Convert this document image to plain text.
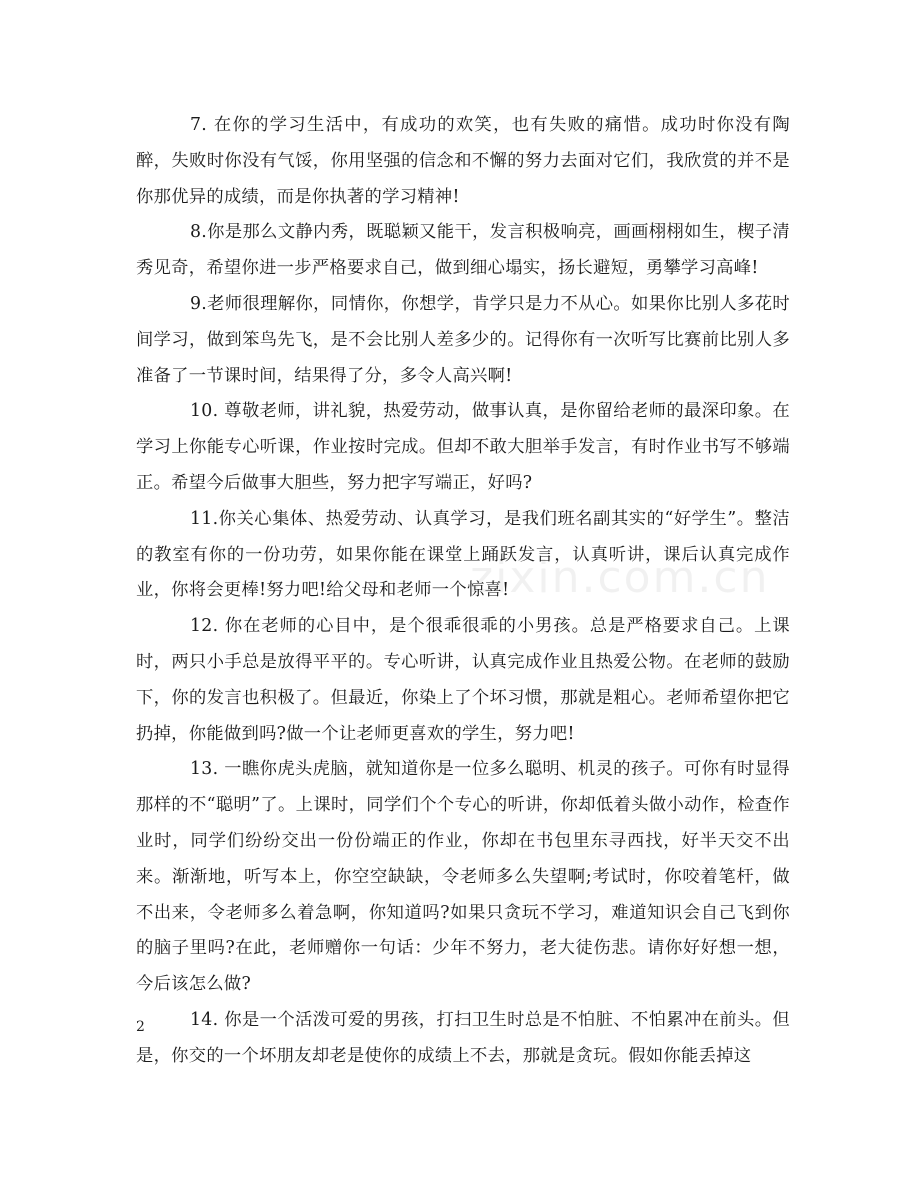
7. 在你的学习生活中，有成功的欢笑，也有失败的痛惜。成功时你没有陶醉，失败时你没有气馁，你用坚强的信念和不懈的努力去面对它们，我欣赏的并不是你那优异的成绩，而是你执著的学习精神!

8.你是那么文静内秀，既聪颖又能干，发言积极响亮，画画栩栩如生，楔子清秀见奇，希望你进一步严格要求自己，做到细心塌实，扬长避短，勇攀学习高峰!

9.老师很理解你，同情你，你想学，肯学只是力不从心。如果你比别人多花时间学习，做到笨鸟先飞，是不会比别人差多少的。记得你有一次听写比赛前比别人多准备了一节课时间，结果得了分，多令人高兴啊!

10. 尊敬老师，讲礼貌，热爱劳动，做事认真，是你留给老师的最深印象。在学习上你能专心听课，作业按时完成。但却不敢大胆举手发言，有时作业书写不够端正。希望今后做事大胆些，努力把字写端正，好吗?

11.你关心集体、热爱劳动、认真学习，是我们班名副其实的“好学生”。整洁的教室有你的一份功劳，如果你能在课堂上踊跃发言，认真听讲，课后认真完成作业，你将会更棒!努力吧!给父母和老师一个惊喜!

12. 你在老师的心目中，是个很乖很乖的小男孩。总是严格要求自己。上课时，两只小手总是放得平平的。专心听讲，认真完成作业且热爱公物。在老师的鼓励下，你的发言也积极了。但最近，你染上了个坏习惯，那就是粗心。老师希望你把它扔掉，你能做到吗?做一个让老师更喜欢的学生，努力吧!

13. 一瞧你虎头虎脑，就知道你是一位多么聪明、机灵的孩子。可你有时显得那样的不“聪明”了。上课时，同学们个个专心的听讲，你却低着头做小动作，检查作业时，同学们纷纷交出一份份端正的作业，你却在书包里东寻西找，好半天交不出来。渐渐地，听写本上，你空空缺缺，令老师多么失望啊;考试时，你咬着笔杆，做不出来，令老师多么着急啊，你知道吗?如果只贪玩不学习，难道知识会自己飞到你的脑子里吗?在此，老师赠你一句话：少年不努力，老大徒伤悲。请你好好想一想，今后该怎么做?

14. 你是一个活泼可爱的男孩，打扫卫生时总是不怕脏、不怕累冲在前头。但是，你交的一个坏朋友却老是使你的成绩上不去，那就是贪玩。假如你能丢掉这

zixin.com.cn
2
